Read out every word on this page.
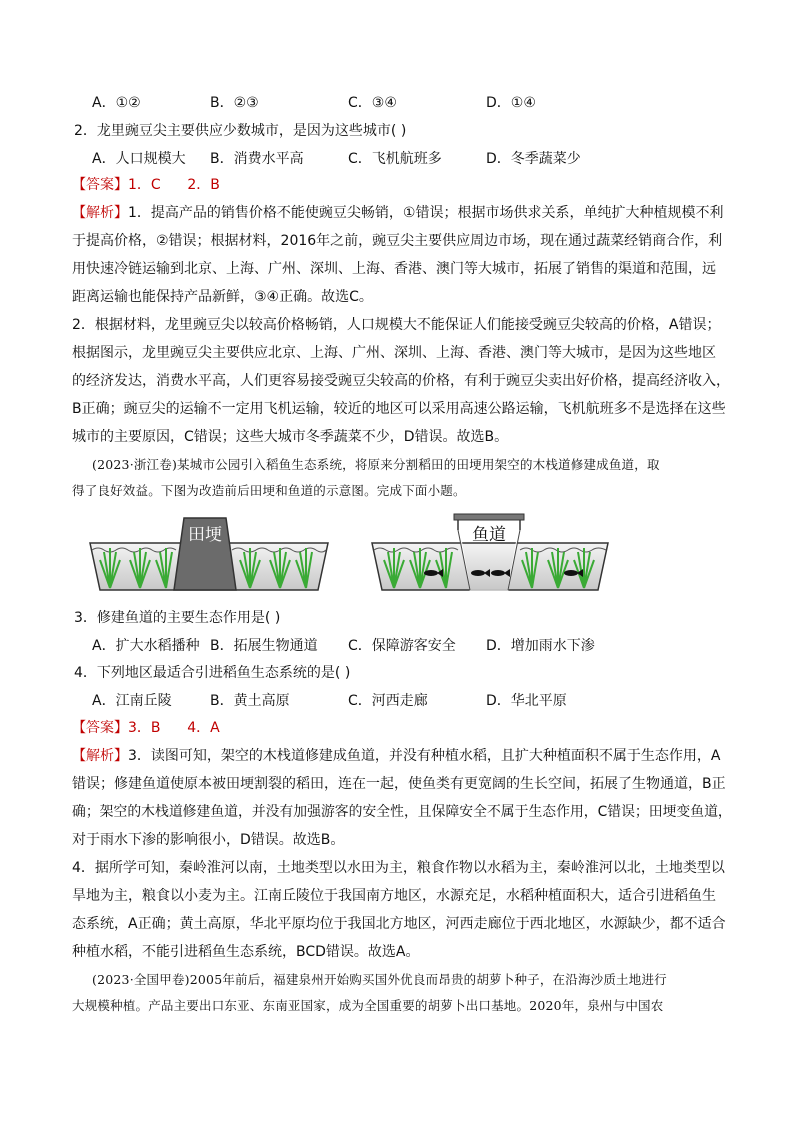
A．①②	B．②③	C．③④	D．①④
2．龙里豌豆尖主要供应少数城市，是因为这些城市( )
A．人口规模大 B．消费水平高	C．飞机航班多	D．冬季蔬菜少
【答案】1．C      2．B
【解析】1．提高产品的销售价格不能使豌豆尖畅销，①错误；根据市场供求关系，单纯扩大种植规模不利
于提高价格，②错误；根据材料，2016年之前，豌豆尖主要供应周边市场，现在通过蔬菜经销商合作，利
用快速冷链运输到北京、上海、广州、深圳、上海、香港、澳门等大城市，拓展了销售的渠道和范围，远
距离运输也能保持产品新鲜，③④正确。故选C。
2．根据材料，龙里豌豆尖以较高价格畅销，人口规模大不能保证人们能接受豌豆尖较高的价格，A错误；
根据图示，龙里豌豆尖主要供应北京、上海、广州、深圳、上海、香港、澳门等大城市，是因为这些地区
的经济发达，消费水平高，人们更容易接受豌豆尖较高的价格，有利于豌豆尖卖出好价格，提高经济收入，
B正确；豌豆尖的运输不一定用飞机运输，较近的地区可以采用高速公路运输，飞机航班多不是选择在这些
城市的主要原因，C错误；这些大城市冬季蔬菜不少，D错误。故选B。
(2023·浙江卷)某城市公园引入稻鱼生态系统，将原来分割稻田的田埂用架空的木栈道修建成鱼道，取
得了良好效益。下图为改造前后田埂和鱼道的示意图。完成下面小题。
田埂	鱼道
3．修建鱼道的主要生态作用是( )
A．扩大水稻播种 B．拓展生物通道 C．保障游客安全 D．增加雨水下渗
4．下列地区最适合引进稻鱼生态系统的是( )
A．江南丘陵	B．黄土高原	C．河西走廊	D．华北平原
【答案】3．B      4．A
【解析】3．读图可知，架空的木栈道修建成鱼道，并没有种植水稻，且扩大种植面积不属于生态作用，A
错误；修建鱼道使原本被田埂割裂的稻田，连在一起，使鱼类有更宽阔的生长空间，拓展了生物通道，B正
确；架空的木栈道修建鱼道，并没有加强游客的安全性，且保障安全不属于生态作用，C错误；田埂变鱼道，
对于雨水下渗的影响很小，D错误。故选B。
4．据所学可知，秦岭淮河以南，土地类型以水田为主，粮食作物以水稻为主，秦岭淮河以北，土地类型以
旱地为主，粮食以小麦为主。江南丘陵位于我国南方地区，水源充足，水稻种植面积大，适合引进稻鱼生
态系统，A正确；黄土高原，华北平原均位于我国北方地区，河西走廊位于西北地区，水源缺少，都不适合
种植水稻，不能引进稻鱼生态系统，BCD错误。故选A。
(2023·全国甲卷)2005年前后，福建泉州开始购买国外优良而昂贵的胡萝卜种子，在沿海沙质土地进行
大规模种植。产品主要出口东亚、东南亚国家，成为全国重要的胡萝卜出口基地。2020年，泉州与中国农
